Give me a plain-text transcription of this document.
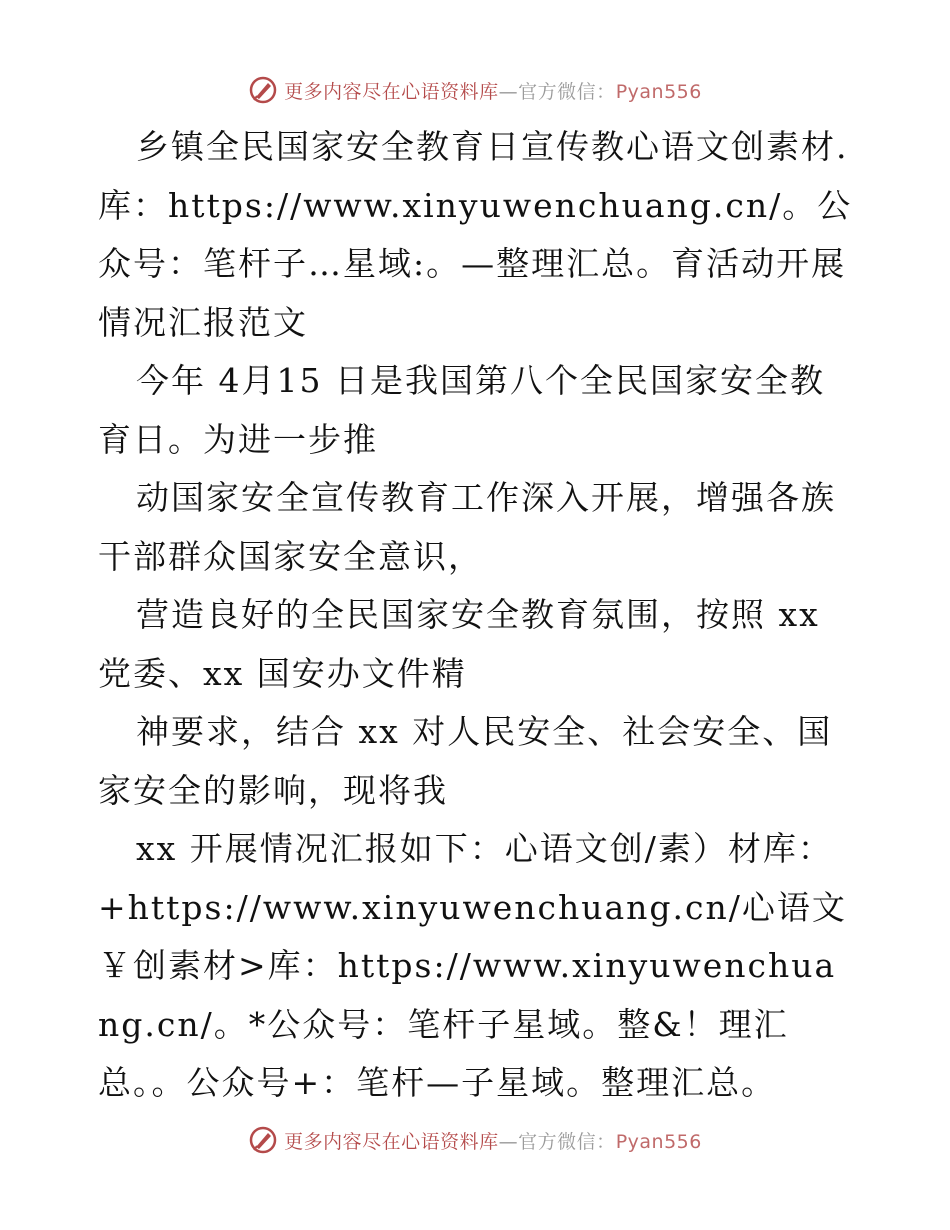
更多内容尽在心语资料库—官方微信：Pyan556

乡镇全民国家安全教育日宣传教心语文创素材.库：https://www.xinyuwenchuang.cn/。公众号：笔杆子…星域:。—整理汇总。育活动开展情况汇报范文

今年 4月15 日是我国第八个全民国家安全教育日。为进一步推

动国家安全宣传教育工作深入开展，增强各族干部群众国家安全意识，

营造良好的全民国家安全教育氛围，按照 xx 党委、xx 国安办文件精

神要求，结合 xx 对人民安全、社会安全、国家安全的影响，现将我

xx 开展情况汇报如下：心语文创/素）材库：+https://www.xinyuwenchuang.cn/心语文￥创素材>库：https://www.xinyuwenchuang.cn/。*公众号：笔杆子星域。整&！理汇总。。公众号+：笔杆—子星域。整理汇总。

更多内容尽在心语资料库—官方微信：Pyan556
